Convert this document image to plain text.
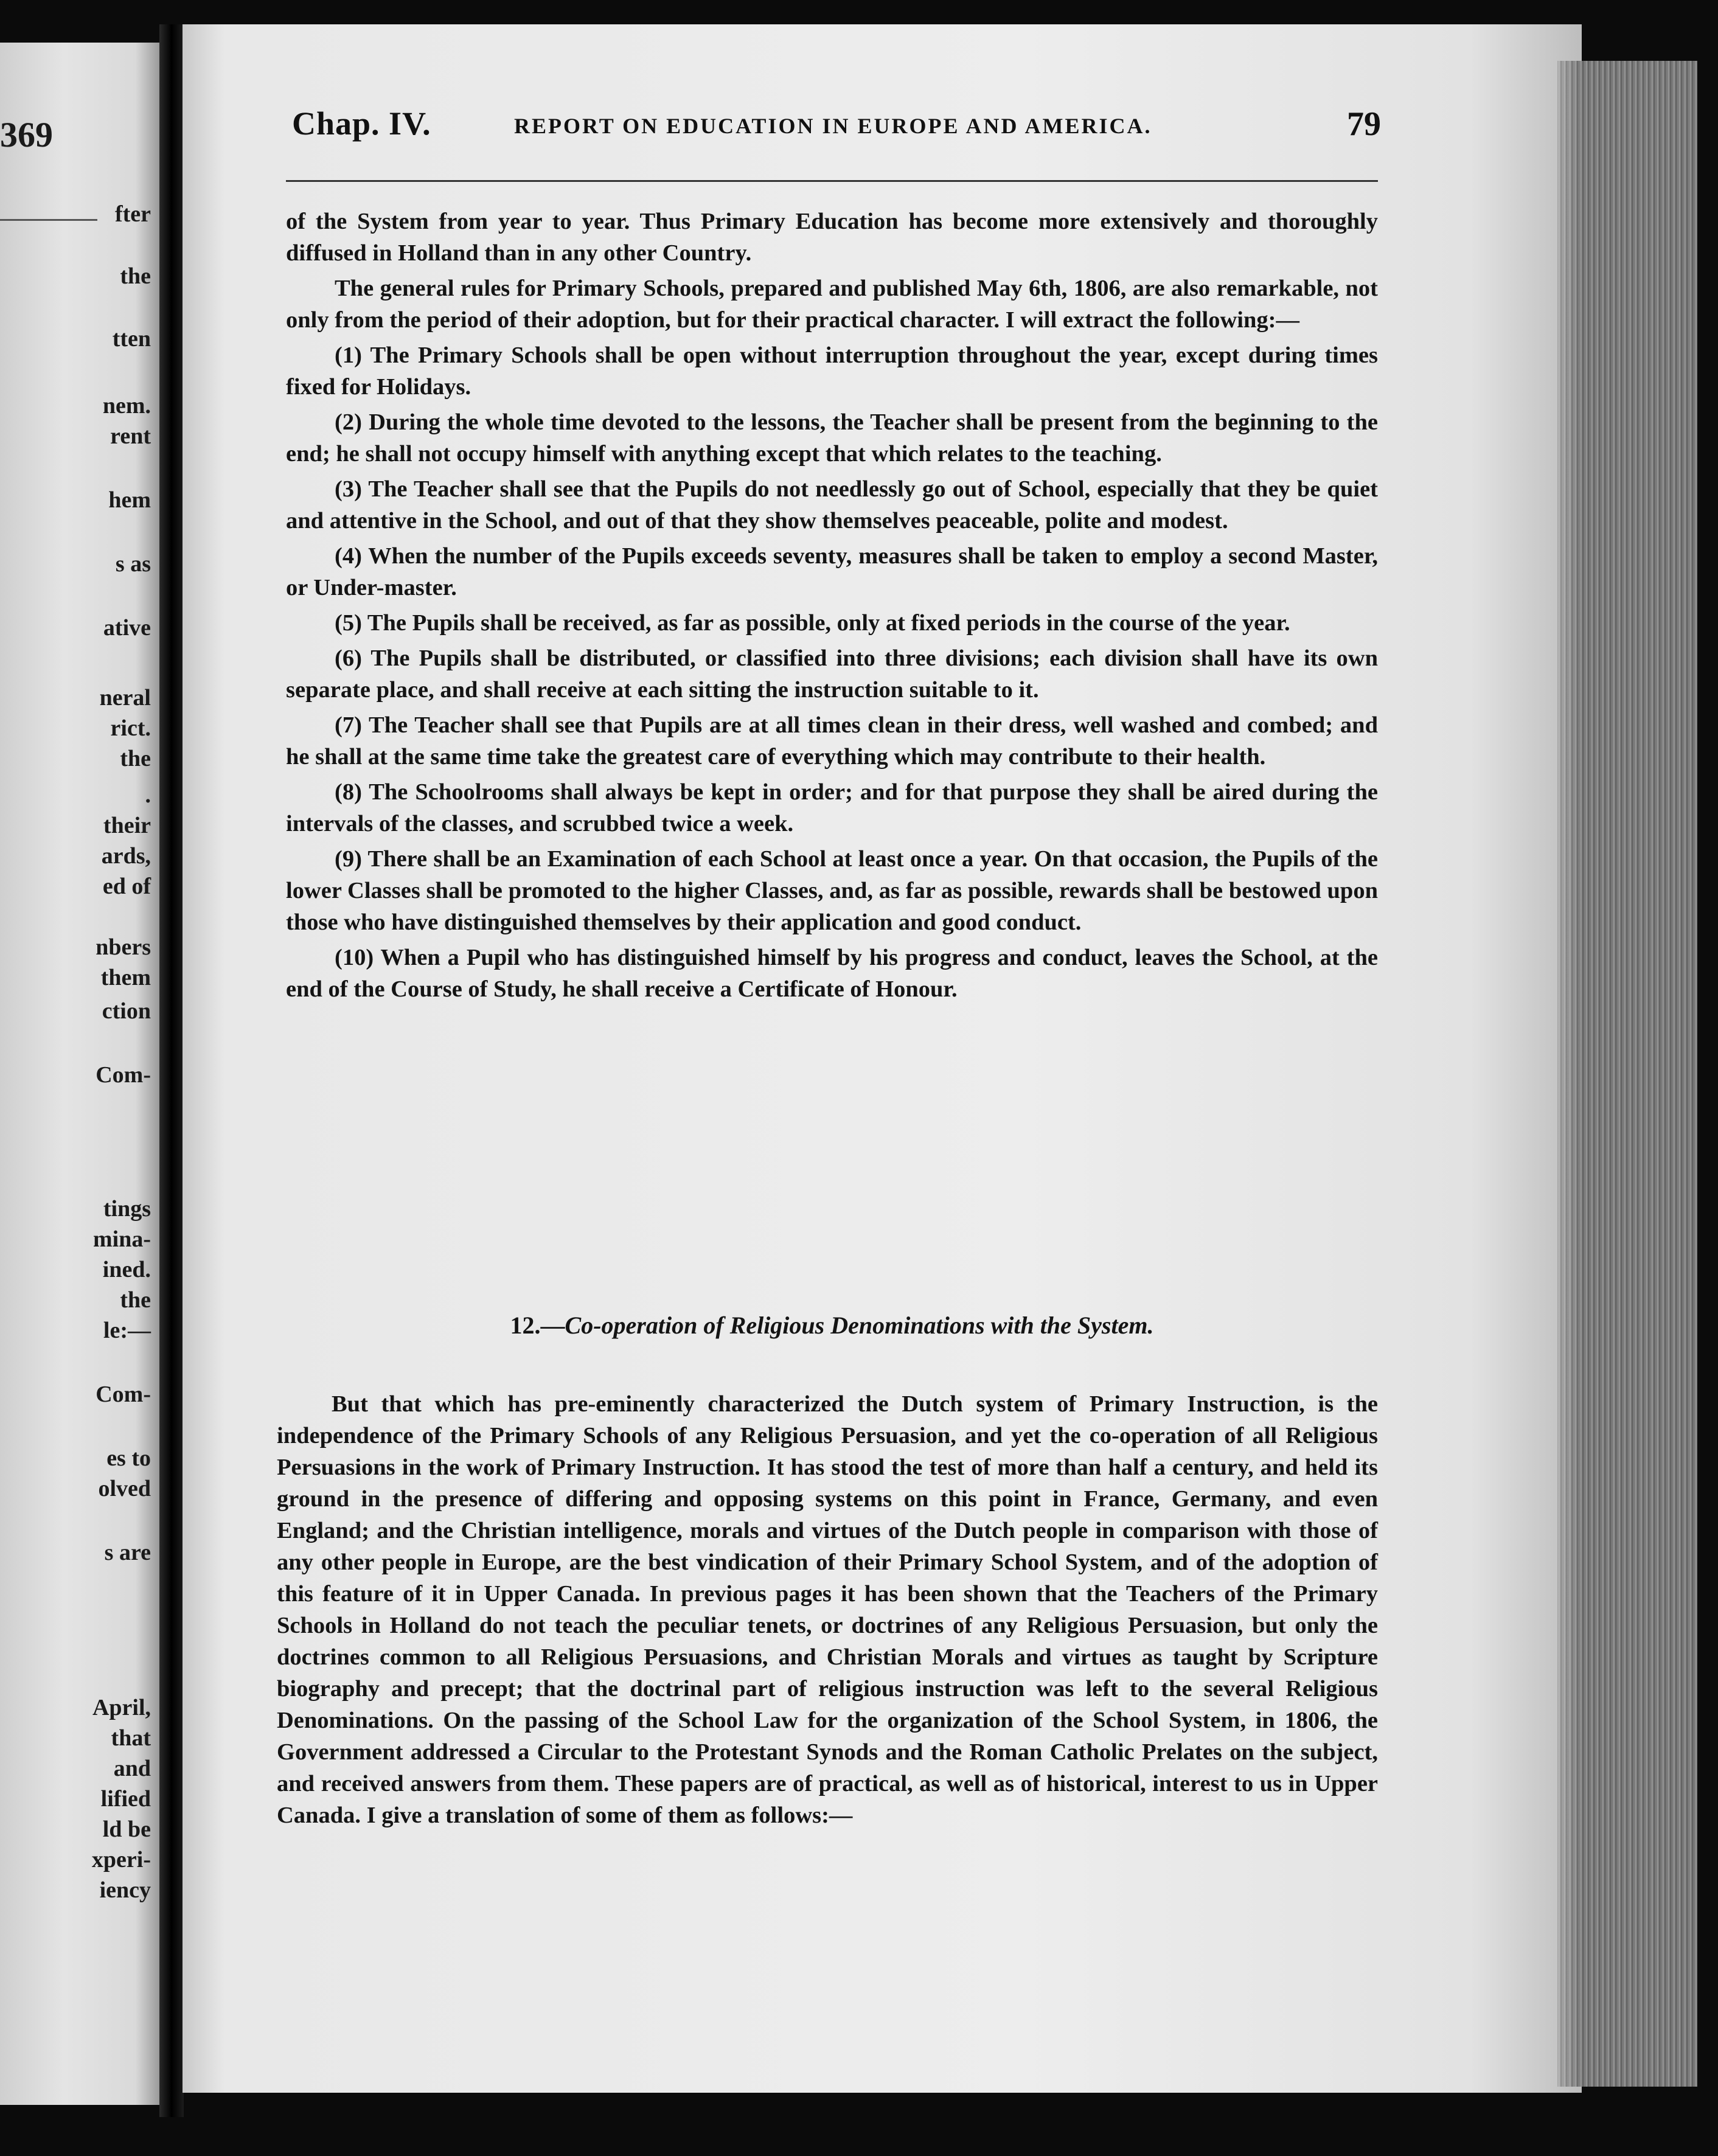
369
fter
the
tten
nem.
rent
hem
s as
ative
neral
rict.
the
.
their
ards,
ed of
nbers
them
ction
Com-
tings
mina-
ined.
the
le:—
Com-
es to
olved
s are
April,
that
and
lified
ld be
xperi-
iency
Chap. IV.	REPORT ON EDUCATION IN EUROPE AND AMERICA.	79

of the System from year to year. Thus Primary Education has become more extensively and thoroughly diffused in Holland than in any other Country.

The general rules for Primary Schools, prepared and published May 6th, 1806, are also remarkable, not only from the period of their adoption, but for their practical character. I will extract the following:—

(1) The Primary Schools shall be open without interruption throughout the year, except during times fixed for Holidays.

(2) During the whole time devoted to the lessons, the Teacher shall be present from the beginning to the end; he shall not occupy himself with anything except that which relates to the teaching.

(3) The Teacher shall see that the Pupils do not needlessly go out of School, especially that they be quiet and attentive in the School, and out of that they show themselves peaceable, polite and modest.

(4) When the number of the Pupils exceeds seventy, measures shall be taken to employ a second Master, or Under-master.

(5) The Pupils shall be received, as far as possible, only at fixed periods in the course of the year.

(6) The Pupils shall be distributed, or classified into three divisions; each division shall have its own separate place, and shall receive at each sitting the instruction suitable to it.

(7) The Teacher shall see that Pupils are at all times clean in their dress, well washed and combed; and he shall at the same time take the greatest care of everything which may contribute to their health.

(8) The Schoolrooms shall always be kept in order; and for that purpose they shall be aired during the intervals of the classes, and scrubbed twice a week.

(9) There shall be an Examination of each School at least once a year. On that occasion, the Pupils of the lower Classes shall be promoted to the higher Classes, and, as far as possible, rewards shall be bestowed upon those who have distinguished themselves by their application and good conduct.

(10) When a Pupil who has distinguished himself by his progress and conduct, leaves the School, at the end of the Course of Study, he shall receive a Certificate of Honour.

12.—Co-operation of Religious Denominations with the System.

But that which has pre-eminently characterized the Dutch system of Primary Instruction, is the independence of the Primary Schools of any Religious Persuasion, and yet the co-operation of all Religious Persuasions in the work of Primary Instruction. It has stood the test of more than half a century, and held its ground in the presence of differing and opposing systems on this point in France, Germany, and even England; and the Christian intelligence, morals and virtues of the Dutch people in comparison with those of any other people in Europe, are the best vindication of their Primary School System, and of the adoption of this feature of it in Upper Canada. In previous pages it has been shown that the Teachers of the Primary Schools in Holland do not teach the peculiar tenets, or doctrines of any Religious Persuasion, but only the doctrines common to all Religious Persuasions, and Christian Morals and virtues as taught by Scripture biography and precept; that the doctrinal part of religious instruction was left to the several Religious Denominations. On the passing of the School Law for the organization of the School System, in 1806, the Government addressed a Circular to the Protestant Synods and the Roman Catholic Prelates on the subject, and received answers from them. These papers are of practical, as well as of historical, interest to us in Upper Canada. I give a translation of some of them as follows:—
